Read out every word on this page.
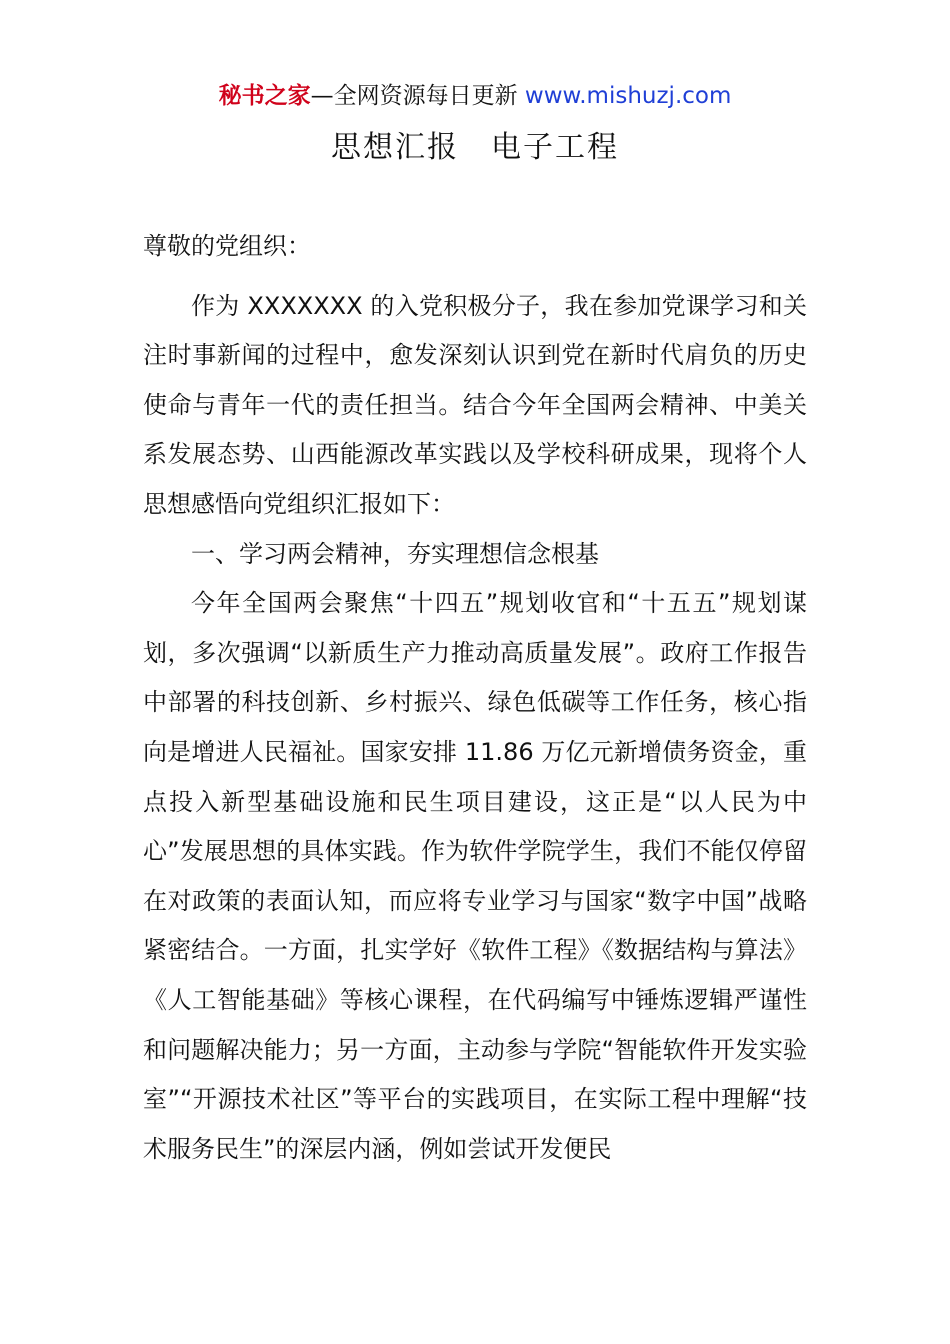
秘书之家—全网资源每日更新 www.mishuzj.com
思想汇报　电子工程

尊敬的党组织：

作为 XXXXXXX 的入党积极分子，我在参加党课学习和关注时事新闻的过程中，愈发深刻认识到党在新时代肩负的历史使命与青年一代的责任担当。结合今年全国两会精神、中美关系发展态势、山西能源改革实践以及学校科研成果，现将个人思想感悟向党组织汇报如下：

一、学习两会精神，夯实理想信念根基

今年全国两会聚焦“十四五”规划收官和“十五五”规划谋划，多次强调“以新质生产力推动高质量发展”。政府工作报告中部署的科技创新、乡村振兴、绿色低碳等工作任务，核心指向是增进人民福祉。国家安排 11.86 万亿元新增债务资金，重点投入新型基础设施和民生项目建设，这正是“以人民为中心”发展思想的具体实践。作为软件学院学生，我们不能仅停留在对政策的表面认知，而应将专业学习与国家“数字中国”战略紧密结合。一方面，扎实学好《软件工程》《数据结构与算法》《人工智能基础》等核心课程，在代码编写中锤炼逻辑严谨性和问题解决能力；另一方面，主动参与学院“智能软件开发实验室”“开源技术社区”等平台的实践项目，在实际工程中理解“技术服务民生”的深层内涵，例如尝试开发便民
